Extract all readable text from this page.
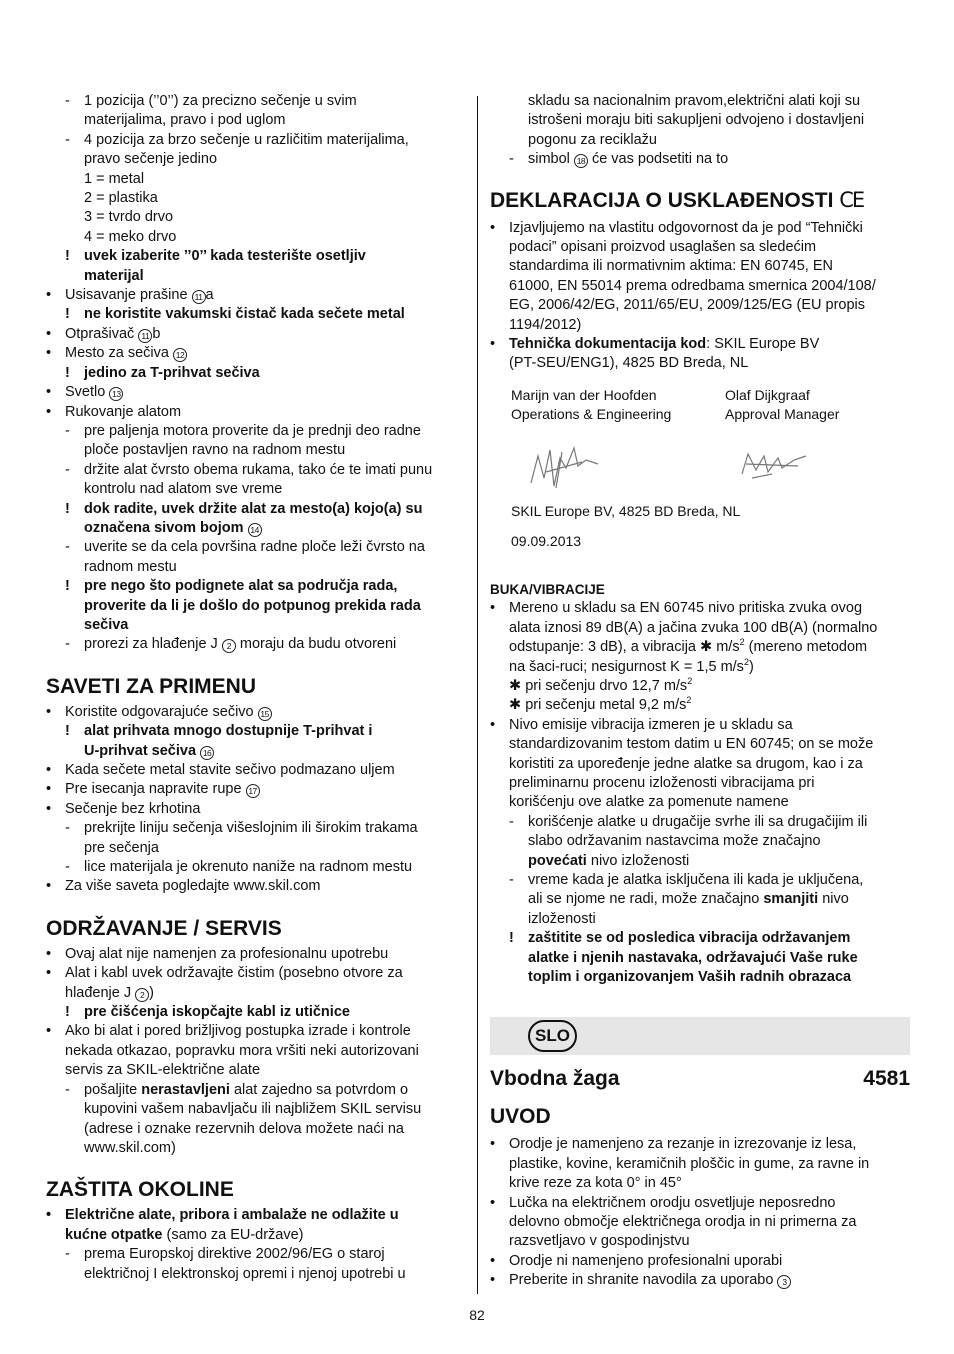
- 1 pozicija (’’0’’) za precizno sečenje u svim
materijalima, pravo i pod uglom
- 4 pozicija za brzo sečenje u različitim materijalima,
pravo sečenje jedino
1 = metal
2 = plastika
3 = tvrdo drvo
4 = meko drvo
! uvek izaberite ’’0’’ kada testerište osetljiv
materijal
• Usisavanje prašine 11 a
! ne koristite vakumski čistač kada sečete metal
• Otprašivač 11 b
• Mesto za sečiva 12
! jedino za T-prihvat sečiva
• Svetlo 13
• Rukovanje alatom
- pre paljenja motora proverite da je prednji deo radne
ploče postavljen ravno na radnom mestu
- držite alat čvrsto obema rukama, tako će te imati punu
kontrolu nad alatom sve vreme
! dok radite, uvek držite alat za mesto(a) kojo(a) su
označena sivom bojom 14
- uverite se da cela površina radne ploče leži čvrsto na
radnom mestu
! pre nego što podignete alat sa područja rada,
proverite da li je došlo do potpunog prekida rada
sečiva
- prorezi za hlađenje J 2 moraju da budu otvoreni
SAVETI ZA PRIMENU
• Koristite odgovarajuće sečivo 15
! alat prihvata mnogo dostupnije T-prihvat i
U-prihvat sečiva 16
• Kada sečete metal stavite sečivo podmazano uljem
• Pre isecanja napravite rupe 17
• Sečenje bez krhotina
- prekrijte liniju sečenja višeslojnim ili širokim trakama
pre sečenja
- lice materijala je okrenuto naniže na radnom mestu
• Za više saveta pogledajte www.skil.com
ODRŽAVANJE / SERVIS
• Ovaj alat nije namenjen za profesionalnu upotrebu
• Alat i kabl uvek održavajte čistim (posebno otvore za
hlađenje J 2 )
! pre čišćenja iskopčajte kabl iz utičnice
• Ako bi alat i pored brižljivog postupka izrade i kontrole
nekada otkazao, popravku mora vršiti neki autorizovani
servis za SKIL-električne alate
- pošaljite nerastavljeni alat zajedno sa potvrdom o
kupovini vašem nabavljaču ili najbližem SKIL servisu
(adrese i oznake rezervnih delova možete naći na
www.skil.com)
ZAŠTITA OKOLINE
• Električne alate, pribora i ambalaže ne odlažite u
kućne otpatke (samo za EU-države)
- prema Europskoj direktive 2002/96/EG o staroj
električnoj I elektronskoj opremi i njenoj upotrebi u
skladu sa nacionalnim pravom,električni alati koji su
istrošeni moraju biti sakupljeni odvojeno i dostavljeni
pogonu za reciklažu
- simbol 18 će vas podsetiti na to
DEKLARACIJA O USKLAĐENOSTI CE
• Izjavljujemo na vlastitu odgovornost da je pod “Tehnički
podaci” opisani proizvod usaglašen sa sledećim
standardima ili normativnim aktima: EN 60745, EN
61000, EN 55014 prema odredbama smernica 2004/108/
EG, 2006/42/EG, 2011/65/EU, 2009/125/EG (EU propis
1194/2012)
• Tehnička dokumentacija kod: SKIL Europe BV
(PT-SEU/ENG1), 4825 BD Breda, NL
Marijn van der Hoofden
Operations & Engineering
Olaf Dijkgraaf
Approval Manager
SKIL Europe BV, 4825 BD Breda, NL
09.09.2013
BUKA/VIBRACIJE
• Mereno u skladu sa EN 60745 nivo pritiska zvuka ovog
alata iznosi 89 dB(A) a jačina zvuka 100 dB(A) (normalno
odstupanje: 3 dB), a vibracija ✱ $m/s^2$ (mereno metodom
na šaci-ruci; nesigurnost K = 1,5 $m/s^2$)
✱ pri sečenju drvo 12,7 $m/s^2$
✱ pri sečenju metal 9,2 $m/s^2$
• Nivo emisije vibracija izmeren je u skladu sa
standardizovanim testom datim u EN 60745; on se može
koristiti za upoređenje jedne alatke sa drugom, kao i za
preliminarnu procenu izloženosti vibracijama pri
korišćenju ove alatke za pomenute namene
- korišćenje alatke u drugačije svrhe ili sa drugačijim ili
slabo održavanim nastavcima može značajno
povećati nivo izloženosti
- vreme kada je alatka isključena ili kada je uključena,
ali se njome ne radi, može značajno smanjiti nivo
izloženosti
! zaštitite se od posledica vibracija održavanjem
alatke i njenih nastavaka, održavajući Vaše ruke
toplim i organizovanjem Vaših radnih obrazaca
SLO
Vbodna žaga	4581
UVOD
• Orodje je namenjeno za rezanje in izrezovanje iz lesa,
plastike, kovine, keramičnih ploščic in gume, za ravne in
krive reze za kota 0° in 45°
• Lučka na električnem orodju osvetljuje neposredno
delovno območje električnega orodja in ni primerna za
razsvetljavo v gospodinjstvu
• Orodje ni namenjeno profesionalni uporabi
• Preberite in shranite navodila za uporabo 3
82
